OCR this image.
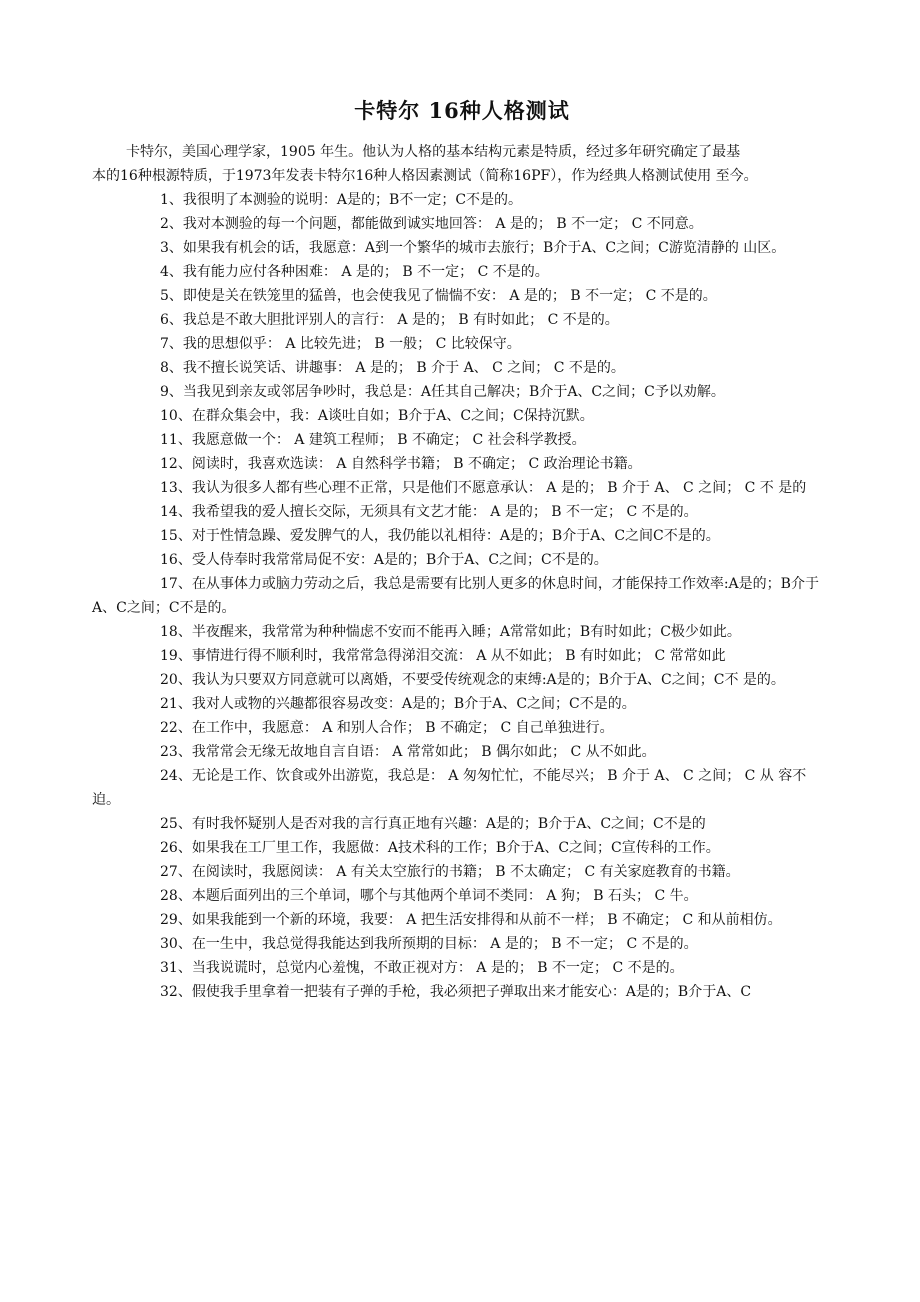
卡特尔 16种人格测试

卡特尔，美国心理学家，1905 年生。他认为人格的基本结构元素是特质，经过多年研究确定了最基

本的16种根源特质，于1973年发表卡特尔16种人格因素测试（简称16PF），作为经典人格测试使用 至今。

1、我很明了本测验的说明：A是的；B不一定；C不是的。

2、我对本测验的每一个问题，都能做到诚实地回答： A 是的； B 不一定； C 不同意。

3、如果我有机会的话，我愿意：A到一个繁华的城市去旅行；B介于A、C之间；C游览清静的 山区。

4、我有能力应付各种困难： A 是的； B 不一定； C 不是的。

5、即使是关在铁笼里的猛兽，也会使我见了惴惴不安： A 是的； B 不一定； C 不是的。

6、我总是不敢大胆批评别人的言行： A 是的； B 有时如此； C 不是的。

7、我的思想似乎： A 比较先进； B 一般； C 比较保守。

8、我不擅长说笑话、讲趣事： A 是的； B 介于 A、 C 之间； C 不是的。

9、当我见到亲友或邻居争吵时，我总是：A任其自己解决；B介于A、C之间；C予以劝解。

10、在群众集会中，我：A谈吐自如；B介于A、C之间；C保持沉默。

11、我愿意做一个： A 建筑工程师； B 不确定； C 社会科学教授。

12、阅读时，我喜欢选读： A 自然科学书籍； B 不确定； C 政治理论书籍。

13、我认为很多人都有些心理不正常，只是他们不愿意承认： A 是的； B 介于 A、 C 之间； C 不 是的

14、我希望我的爱人擅长交际，无须具有文艺才能： A 是的； B 不一定； C 不是的。

15、对于性情急躁、爱发脾气的人，我仍能以礼相待：A是的；B介于A、C之间C不是的。

16、受人侍奉时我常常局促不安：A是的；B介于A、C之间；C不是的。

17、在从事体力或脑力劳动之后，我总是需要有比别人更多的休息时间，才能保持工作效率:A是的；B介于A、C之间；C不是的。

18、半夜醒来，我常常为种种惴虑不安而不能再入睡；A常常如此；B有时如此；C极少如此。

19、事情进行得不顺利时，我常常急得涕泪交流： A 从不如此； B 有时如此； C 常常如此

20、我认为只要双方同意就可以离婚，不要受传统观念的束缚:A是的；B介于A、C之间；C不 是的。

21、我对人或物的兴趣都很容易改变：A是的；B介于A、C之间；C不是的。

22、在工作中，我愿意： A 和别人合作； B 不确定； C 自己单独进行。

23、我常常会无缘无故地自言自语： A 常常如此； B 偶尔如此； C 从不如此。

24、无论是工作、饮食或外出游览，我总是： A 匆匆忙忙，不能尽兴； B 介于 A、 C 之间； C 从 容不迫。

25、有时我怀疑别人是否对我的言行真正地有兴趣：A是的；B介于A、C之间；C不是的

26、如果我在工厂里工作，我愿做：A技术科的工作；B介于A、C之间；C宣传科的工作。

27、在阅读时，我愿阅读： A 有关太空旅行的书籍； B 不太确定； C 有关家庭教育的书籍。

28、本题后面列出的三个单词，哪个与其他两个单词不类同： A 狗； B 石头； C 牛。

29、如果我能到一个新的环境，我要： A 把生活安排得和从前不一样； B 不确定； C 和从前相仿。

30、在一生中，我总觉得我能达到我所预期的目标： A 是的； B 不一定； C 不是的。

31、当我说谎时，总觉内心羞愧，不敢正视对方： A 是的； B 不一定； C 不是的。

32、假使我手里拿着一把装有子弹的手枪，我必须把子弹取出来才能安心：A是的；B介于A、C
